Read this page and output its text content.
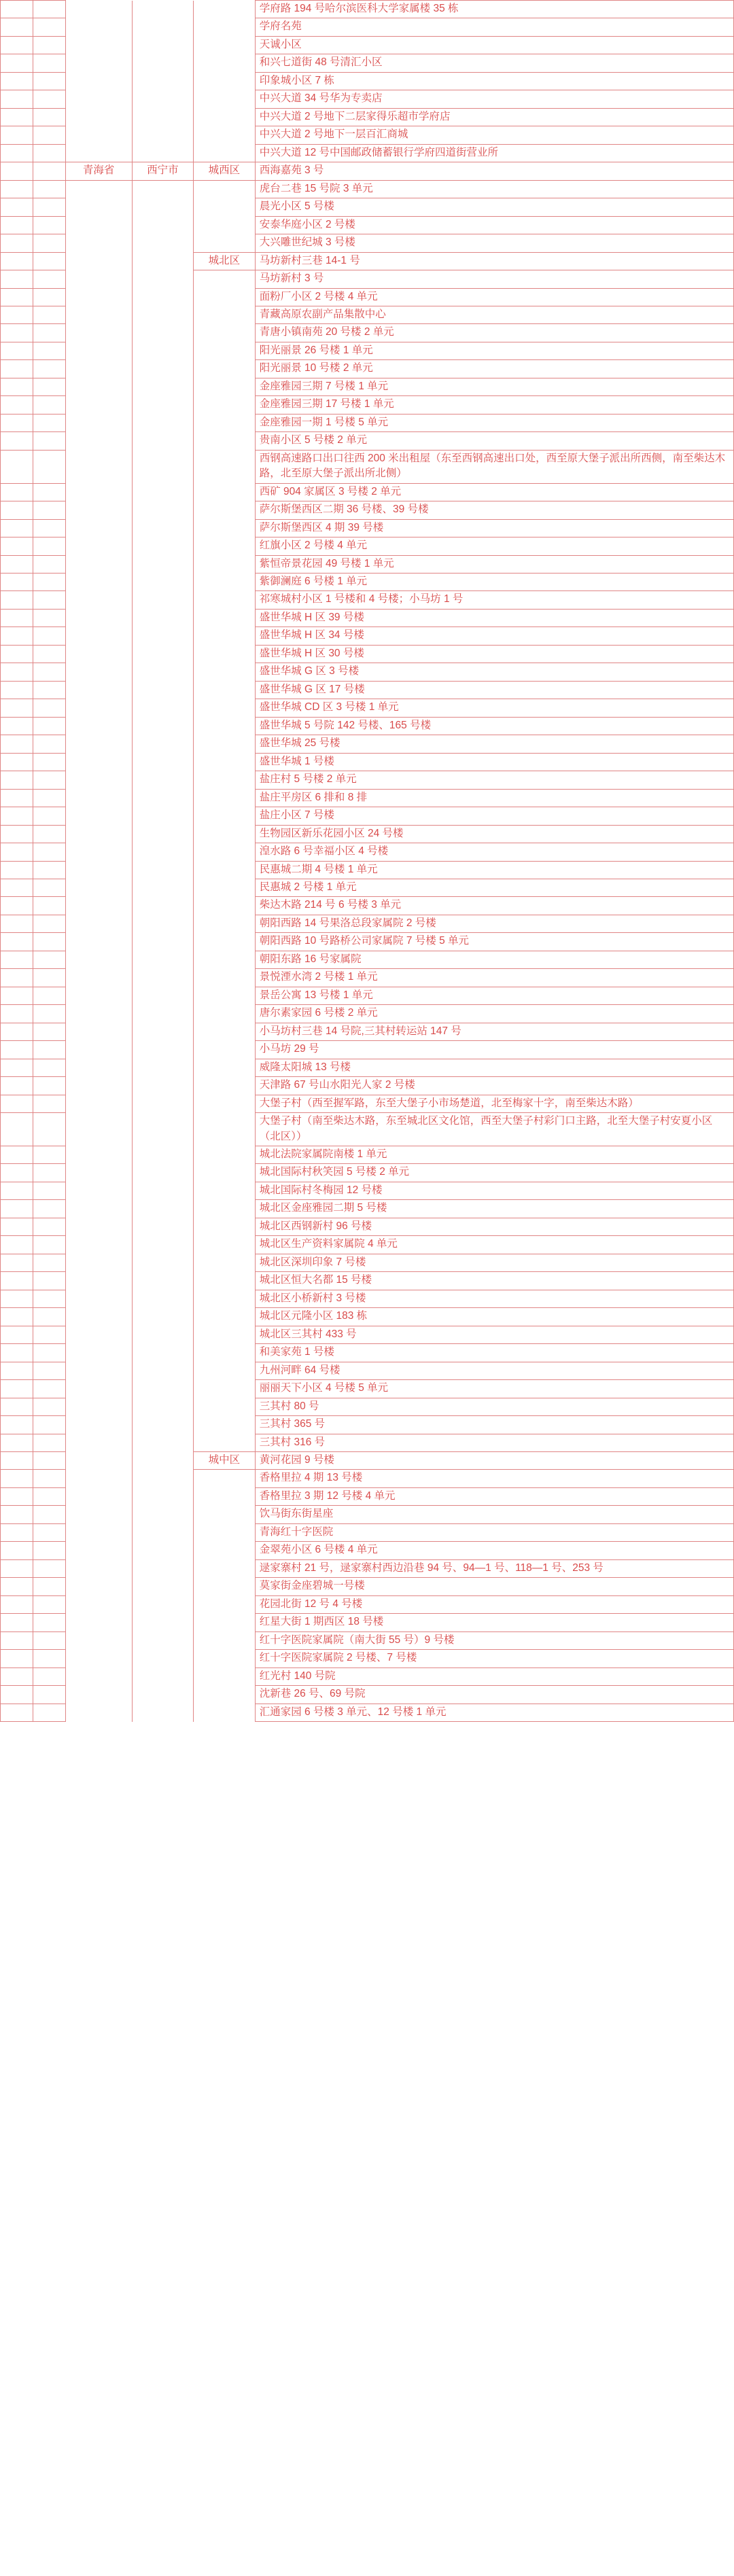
					学府路 194 号哈尔滨医科大学家属楼 35 栋
					学府名苑
					天诚小区
					和兴七道街 48 号清汇小区
					印象城小区 7 栋
					中兴大道 34 号华为专卖店
					中兴大道 2 号地下二层家得乐超市学府店
					中兴大道 2 号地下一层百汇商城
					中兴大道 12 号中国邮政储蓄银行学府四道街营业所
		青海省	西宁市	城西区	西海嘉苑 3 号
					虎台二巷 15 号院 3 单元
					晨光小区 5 号楼
					安泰华庭小区 2 号楼
					大兴雕世纪城 3 号楼
				城北区	马坊新村三巷 14-1 号
					马坊新村 3 号
					面粉厂小区 2 号楼 4 单元
					青藏高原农副产品集散中心
					青唐小镇南苑 20 号楼 2 单元
					阳光丽景 26 号楼 1 单元
					阳光丽景 10 号楼 2 单元
					金座雅园三期 7 号楼 1 单元
					金座雅园三期 17 号楼 1 单元
					金座雅园一期 1 号楼 5 单元
					贵南小区 5 号楼 2 单元
					西钢高速路口出口往西 200 米出租屋（东至西钢高速出口处，西至原大堡子派出所西侧，南至柴达木路，北至原大堡子派出所北侧）
					西矿 904 家属区 3 号楼 2 单元
					萨尔斯堡西区二期 36 号楼、39 号楼
					萨尔斯堡西区 4 期 39 号楼
					红旗小区 2 号楼 4 单元
					紫恒帝景花园 49 号楼 1 单元
					紫御澜庭 6 号楼 1 单元
					祁寒城村小区 1 号楼和 4 号楼；小马坊 1 号
					盛世华城 H 区 39 号楼
					盛世华城 H 区 34 号楼
					盛世华城 H 区 30 号楼
					盛世华城 G 区 3 号楼
					盛世华城 G 区 17 号楼
					盛世华城 CD 区 3 号楼 1 单元
					盛世华城 5 号院 142 号楼、165 号楼
					盛世华城 25 号楼
					盛世华城 1 号楼
					盐庄村 5 号楼 2 单元
					盐庄平房区 6 排和 8 排
					盐庄小区 7 号楼
					生物园区新乐花园小区 24 号楼
					湟水路 6 号幸福小区 4 号楼
					民惠城二期 4 号楼 1 单元
					民惠城 2 号楼 1 单元
					柴达木路 214 号 6 号楼 3 单元
					朝阳西路 14 号果洛总段家属院 2 号楼
					朝阳西路 10 号路桥公司家属院 7 号楼 5 单元
					朝阳东路 16 号家属院
					景悦湮水湾 2 号楼 1 单元
					景岳公寓 13 号楼 1 单元
					唐尔素家园 6 号楼 2 单元
					小马坊村三巷 14 号院,三其村转运站 147 号
					小马坊 29 号
					威隆太阳城 13 号楼
					天津路 67 号山水阳光人家 2 号楼
					大堡子村（西至握军路，东至大堡子小市场楚道，北至梅家十字，南至柴达木路）
					大堡子村（南至柴达木路，东至城北区文化馆，西至大堡子村彩门口主路，北至大堡子村安夏小区（北区））
					城北法院家属院南楼 1 单元
					城北国际村秋笑园 5 号楼 2 单元
					城北国际村冬梅园 12 号楼
					城北区金座雅园二期 5 号楼
					城北区西钢新村 96 号楼
					城北区生产资料家属院 4 单元
					城北区深圳印象 7 号楼
					城北区恒大名都 15 号楼
					城北区小桥新村 3 号楼
					城北区元隆小区 183 栋
					城北区三其村 433 号
					和美家苑 1 号楼
					九州河畔 64 号楼
					丽丽天下小区 4 号楼 5 单元
					三其村 80 号
					三其村 365 号
					三其村 316 号
				城中区	黄河花园 9 号楼
					香格里拉 4 期 13 号楼
					香格里拉 3 期 12 号楼 4 单元
					饮马街东街星座
					青海红十字医院
					金翠苑小区 6 号楼 4 单元
					逯家寨村 21 号，逯家寨村西边沿巷 94 号、94—1 号、118—1 号、253 号
					莫家街金座碧城一号楼
					花园北街 12 号 4 号楼
					红星大街 1 期西区 18 号楼
					红十字医院家属院（南大街 55 号）9 号楼
					红十字医院家属院 2 号楼、7 号楼
					红光村 140 号院
					沈新巷 26 号、69 号院
					汇通家园 6 号楼 3 单元、12 号楼 1 单元
